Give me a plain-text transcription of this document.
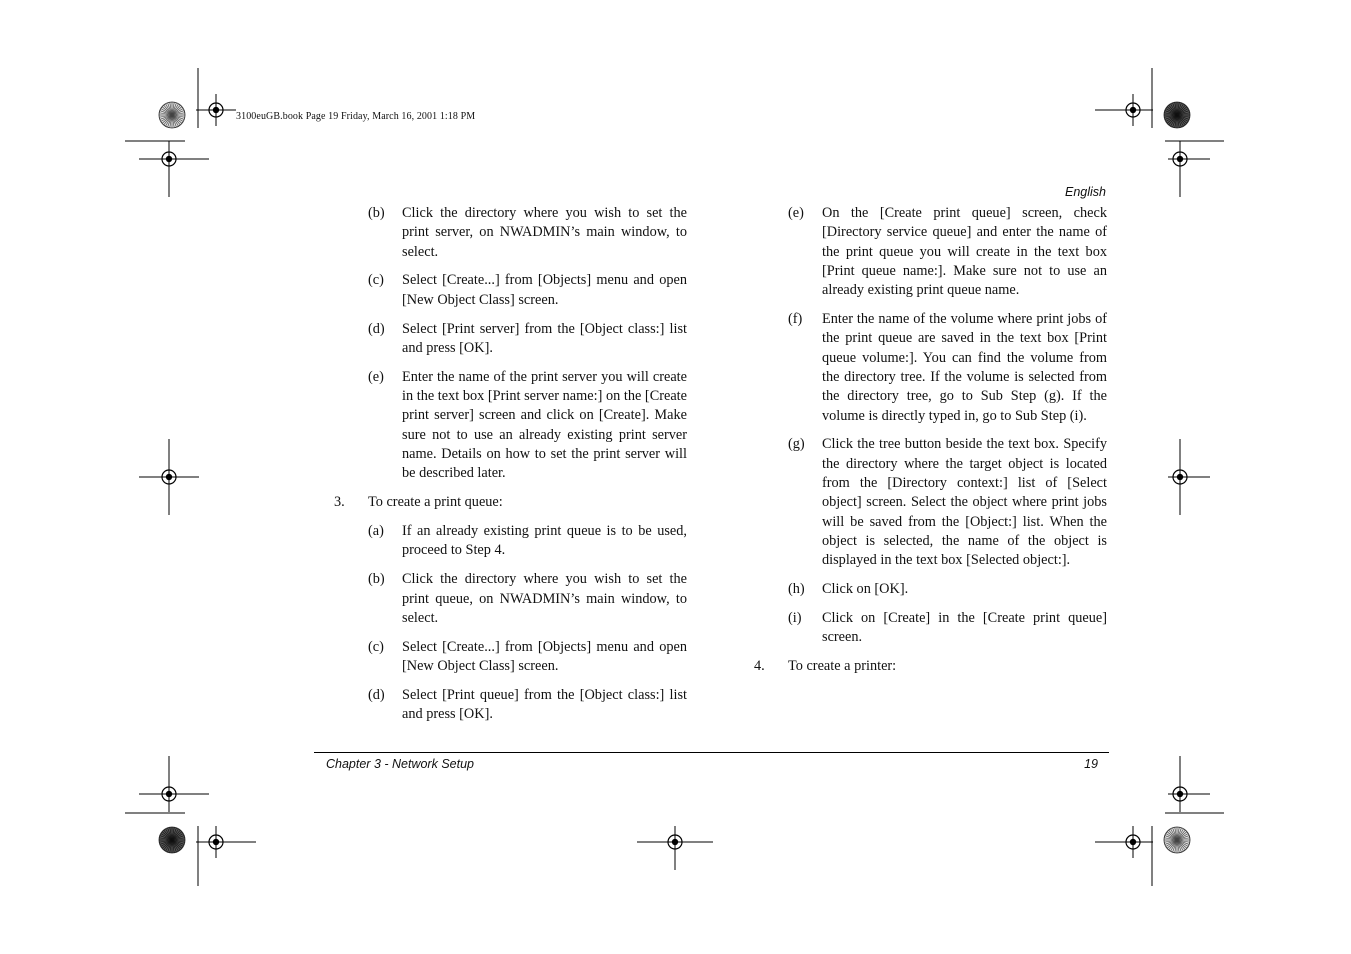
3100euGB.book Page 19 Friday, March 16, 2001 1:18 PM
English
(b) Click the directory where you wish to set the print server, on NWADMIN’s main window, to select.
(c) Select [Create...] from [Objects] menu and open [New Object Class] screen.
(d) Select [Print server] from the [Object class:] list and press [OK].
(e) Enter the name of the print server you will create in the text box [Print server name:] on the [Create print server] screen and click on [Create]. Make sure not to use an already existing print server name. Details on how to set the print server will be described later.
3. To create a print queue:
(a) If an already existing print queue is to be used, proceed to Step 4.
(b) Click the directory where you wish to set the print queue, on NWADMIN’s main window, to select.
(c) Select [Create...] from [Objects] menu and open [New Object Class] screen.
(d) Select [Print queue] from the [Object class:] list and press [OK].
(e) On the [Create print queue] screen, check [Directory service queue] and enter the name of the print queue you will create in the text box [Print queue name:]. Make sure not to use an already existing print queue name.
(f) Enter the name of the volume where print jobs of the print queue are saved in the text box [Print queue volume:]. You can find the volume from the directory tree. If the volume is selected from the directory tree, go to Sub Step (g). If the volume is directly typed in, go to Sub Step (i).
(g) Click the tree button beside the text box. Specify the directory where the target object is located from the [Directory context:] list of [Select object] screen. Select the object where print jobs will be saved from the [Object:] list. When the object is selected, the name of the object is displayed in the text box [Selected object:].
(h) Click on [OK].
(i) Click on [Create] in the [Create print queue] screen.
4. To create a printer:
Chapter 3 - Network Setup	19
